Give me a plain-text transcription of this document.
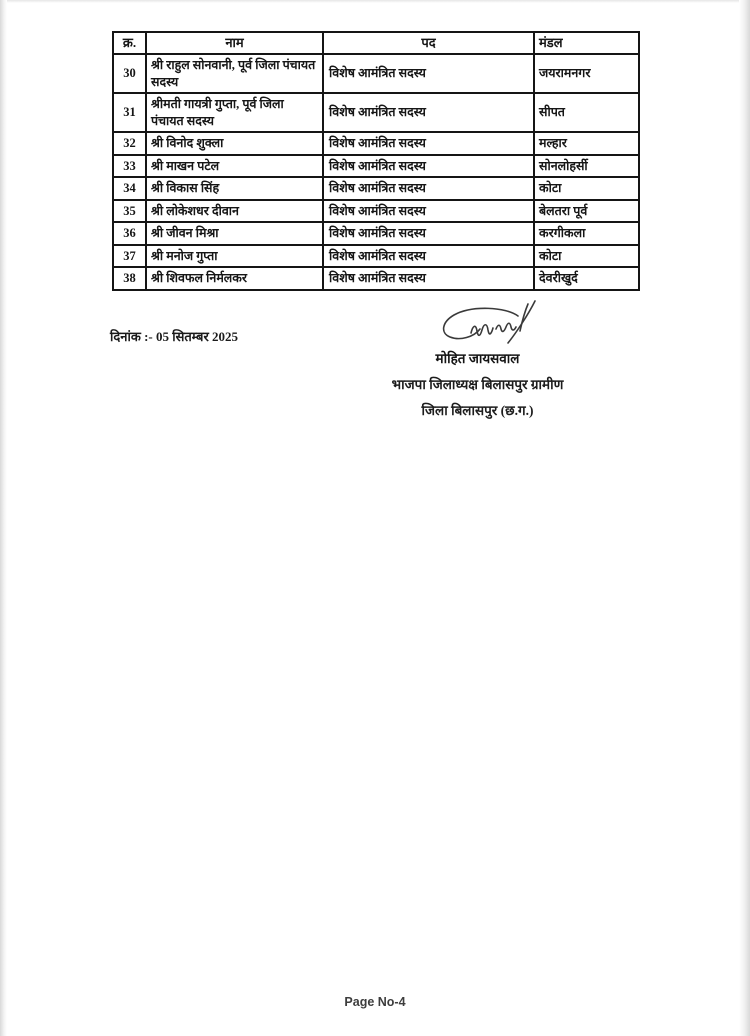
क्र.	नाम	पद	मंडल
30	श्री राहुल सोनवानी, पूर्व जिला पंचायत सदस्य	विशेष आमंत्रित सदस्य	जयरामनगर
31	श्रीमती गायत्री गुप्ता, पूर्व जिला पंचायत सदस्य	विशेष आमंत्रित सदस्य	सीपत
32	श्री विनोद शुक्ला	विशेष आमंत्रित सदस्य	मल्हार
33	श्री माखन पटेल	विशेष आमंत्रित सदस्य	सोनलोहर्सी
34	श्री विकास सिंह	विशेष आमंत्रित सदस्य	कोटा
35	श्री लोकेशधर दीवान	विशेष आमंत्रित सदस्य	बेलतरा पूर्व
36	श्री जीवन मिश्रा	विशेष आमंत्रित सदस्य	करगीकला
37	श्री मनोज गुप्ता	विशेष आमंत्रित सदस्य	कोटा
38	श्री शिवफल निर्मलकर	विशेष आमंत्रित सदस्य	देवरीखुर्द
दिनांक :- 05 सितम्बर 2025
मोहित जायसवाल
भाजपा जिलाध्यक्ष बिलासपुर ग्रामीण
जिला बिलासपुर (छ.ग.)
Page No-4
